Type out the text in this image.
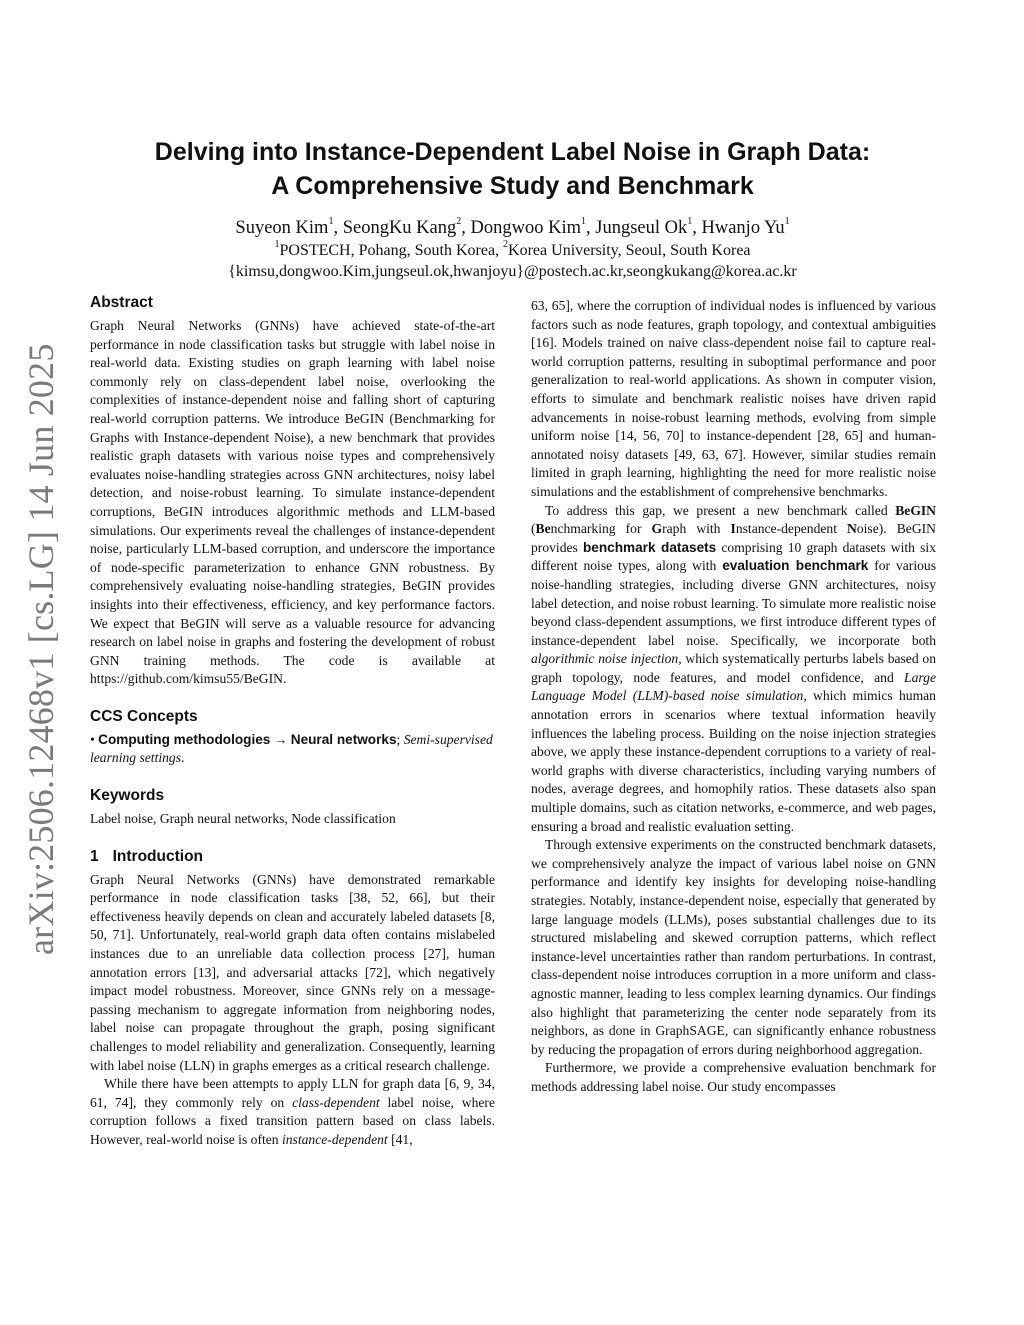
arXiv:2506.12468v1 [cs.LG] 14 Jun 2025
Delving into Instance-Dependent Label Noise in Graph Data:
A Comprehensive Study and Benchmark
Suyeon Kim$^1$, SeongKu Kang$^2$, Dongwoo Kim$^1$, Jungseul Ok$^1$, Hwanjo Yu$^1$
$^1$POSTECH, Pohang, South Korea, $^2$Korea University, Seoul, South Korea
{kimsu,dongwoo.Kim,jungseul.ok,hwanjoyu}@postech.ac.kr,seongkukang@korea.ac.kr
Abstract

Graph Neural Networks (GNNs) have achieved state-of-the-art performance in node classification tasks but struggle with label noise in real-world data. Existing studies on graph learning with label noise commonly rely on class-dependent label noise, overlooking the complexities of instance-dependent noise and falling short of capturing real-world corruption patterns. We introduce BeGIN (Benchmarking for Graphs with Instance-dependent Noise), a new benchmark that provides realistic graph datasets with various noise types and comprehensively evaluates noise-handling strategies across GNN architectures, noisy label detection, and noise-robust learning. To simulate instance-dependent corruptions, BeGIN introduces algorithmic methods and LLM-based simulations. Our experiments reveal the challenges of instance-dependent noise, particularly LLM-based corruption, and underscore the importance of node-specific parameterization to enhance GNN robustness. By comprehensively evaluating noise-handling strategies, BeGIN provides insights into their effectiveness, efficiency, and key performance factors. We expect that BeGIN will serve as a valuable resource for advancing research on label noise in graphs and fostering the development of robust GNN training methods. The code is available at https://github.com/kimsu55/BeGIN.

CCS Concepts

• Computing methodologies → Neural networks; Semi-supervised learning settings.

Keywords

Label noise, Graph neural networks, Node classification

1 Introduction

Graph Neural Networks (GNNs) have demonstrated remarkable performance in node classification tasks [38, 52, 66], but their effectiveness heavily depends on clean and accurately labeled datasets [8, 50, 71]. Unfortunately, real-world graph data often contains mislabeled instances due to an unreliable data collection process [27], human annotation errors [13], and adversarial attacks [72], which negatively impact model robustness. Moreover, since GNNs rely on a message-passing mechanism to aggregate information from neighboring nodes, label noise can propagate throughout the graph, posing significant challenges to model reliability and generalization. Consequently, learning with label noise (LLN) in graphs emerges as a critical research challenge.

While there have been attempts to apply LLN for graph data [6, 9, 34, 61, 74], they commonly rely on class-dependent label noise, where corruption follows a fixed transition pattern based on class labels. However, real-world noise is often instance-dependent [41,

63, 65], where the corruption of individual nodes is influenced by various factors such as node features, graph topology, and contextual ambiguities [16]. Models trained on naive class-dependent noise fail to capture real-world corruption patterns, resulting in suboptimal performance and poor generalization to real-world applications. As shown in computer vision, efforts to simulate and benchmark realistic noises have driven rapid advancements in noise-robust learning methods, evolving from simple uniform noise [14, 56, 70] to instance-dependent [28, 65] and human-annotated noisy datasets [49, 63, 67]. However, similar studies remain limited in graph learning, highlighting the need for more realistic noise simulations and the establishment of comprehensive benchmarks.

To address this gap, we present a new benchmark called BeGIN (Benchmarking for Graph with Instance-dependent Noise). BeGIN provides benchmark datasets comprising 10 graph datasets with six different noise types, along with evaluation benchmark for various noise-handling strategies, including diverse GNN architectures, noisy label detection, and noise robust learning. To simulate more realistic noise beyond class-dependent assumptions, we first introduce different types of instance-dependent label noise. Specifically, we incorporate both algorithmic noise injection, which systematically perturbs labels based on graph topology, node features, and model confidence, and Large Language Model (LLM)-based noise simulation, which mimics human annotation errors in scenarios where textual information heavily influences the labeling process. Building on the noise injection strategies above, we apply these instance-dependent corruptions to a variety of real-world graphs with diverse characteristics, including varying numbers of nodes, average degrees, and homophily ratios. These datasets also span multiple domains, such as citation networks, e-commerce, and web pages, ensuring a broad and realistic evaluation setting.

Through extensive experiments on the constructed benchmark datasets, we comprehensively analyze the impact of various label noise on GNN performance and identify key insights for developing noise-handling strategies. Notably, instance-dependent noise, especially that generated by large language models (LLMs), poses substantial challenges due to its structured mislabeling and skewed corruption patterns, which reflect instance-level uncertainties rather than random perturbations. In contrast, class-dependent noise introduces corruption in a more uniform and class-agnostic manner, leading to less complex learning dynamics. Our findings also highlight that parameterizing the center node separately from its neighbors, as done in GraphSAGE, can significantly enhance robustness by reducing the propagation of errors during neighborhood aggregation.

Furthermore, we provide a comprehensive evaluation benchmark for methods addressing label noise. Our study encompasses
